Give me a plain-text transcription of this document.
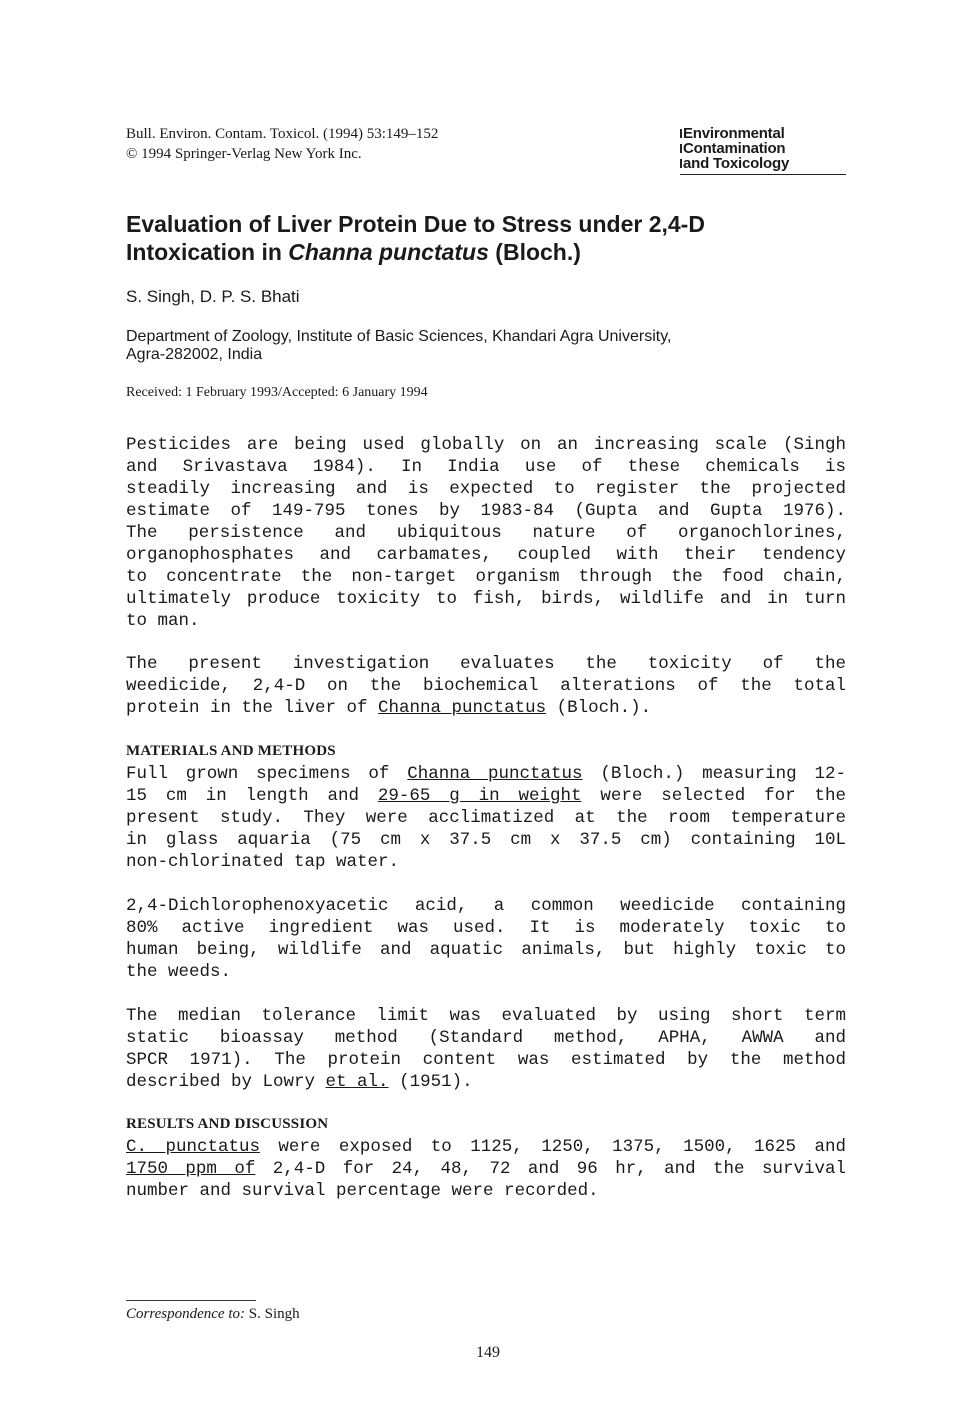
Bull. Environ. Contam. Toxicol. (1994) 53:149–152
© 1994 Springer-Verlag New York Inc.
Environmental
Contamination
and Toxicology
Evaluation of Liver Protein Due to Stress under 2,4-D
Intoxication in Channa punctatus (Bloch.)
S. Singh, D. P. S. Bhati
Department of Zoology, Institute of Basic Sciences, Khandari Agra University,
Agra-282002, India
Received: 1 February 1993/Accepted: 6 January 1994

Pesticides are being used globally on an increasing scale (Singh
and Srivastava 1984). In India use of these chemicals is
steadily increasing and is expected to register the projected
estimate of 149-795 tones by 1983-84 (Gupta and Gupta 1976).
The persistence and ubiquitous nature of organochlorines,
organophosphates and carbamates, coupled with their tendency
to concentrate the non-target organism through the food chain,
ultimately produce toxicity to fish, birds, wildlife and in turn
to man.

The present investigation evaluates the toxicity of the
weedicide, 2,4-D on the biochemical alterations of the total
protein in the liver of Channa punctatus (Bloch.).

MATERIALS AND METHODS

Full grown specimens of Channa punctatus (Bloch.) measuring 12-
15 cm in length and 29-65 g in weight were selected for the
present study. They were acclimatized at the room temperature
in glass aquaria (75 cm x 37.5 cm x 37.5 cm) containing 10L
non-chlorinated tap water.

2,4-Dichlorophenoxyacetic acid, a common weedicide containing
80% active ingredient was used. It is moderately toxic to
human being, wildlife and aquatic animals, but highly toxic to
the weeds.

The median tolerance limit was evaluated by using short term
static bioassay method (Standard method, APHA, AWWA and
SPCR 1971). The protein content was estimated by the method
described by Lowry et al. (1951).

RESULTS AND DISCUSSION

C. punctatus were exposed to 1125, 1250, 1375, 1500, 1625 and
1750 ppm of 2,4-D for 24, 48, 72 and 96 hr, and the survival
number and survival percentage were recorded.

Correspondence to: S. Singh
149
